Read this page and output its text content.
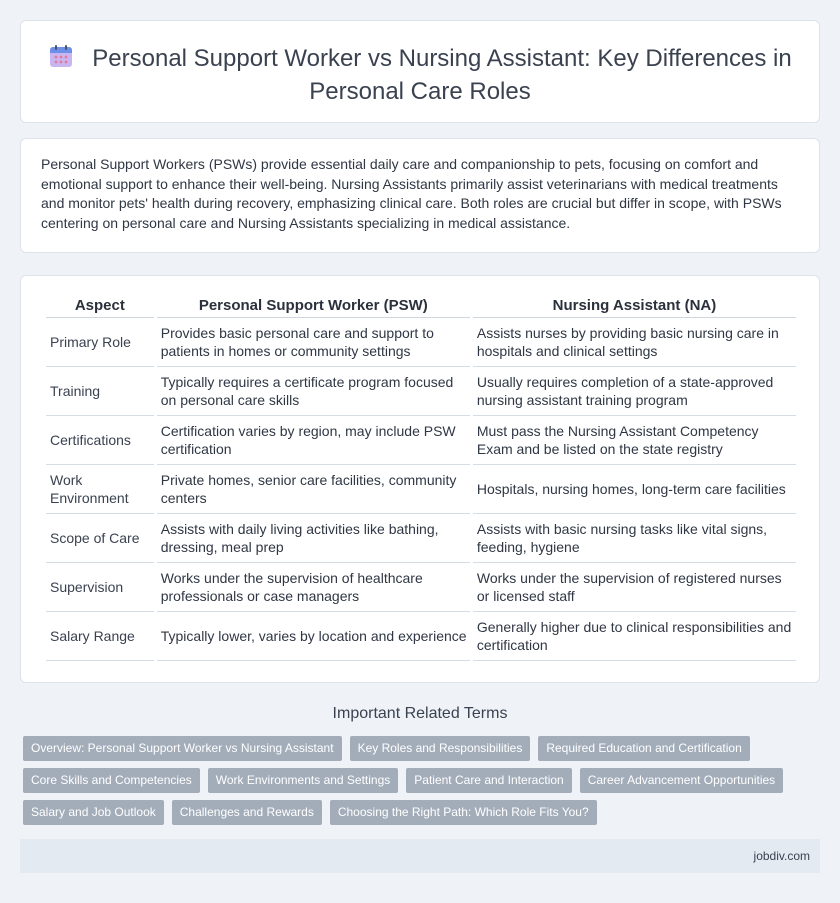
Personal Support Worker vs Nursing Assistant: Key Differences in Personal Care Roles

Personal Support Workers (PSWs) provide essential daily care and companionship to pets, focusing on comfort and emotional support to enhance their well-being. Nursing Assistants primarily assist veterinarians with medical treatments and monitor pets' health during recovery, emphasizing clinical care. Both roles are crucial but differ in scope, with PSWs centering on personal care and Nursing Assistants specializing in medical assistance.

Aspect	Personal Support Worker (PSW)	Nursing Assistant (NA)
Primary Role	Provides basic personal care and support to patients in homes or community settings	Assists nurses by providing basic nursing care in hospitals and clinical settings
Training	Typically requires a certificate program focused on personal care skills	Usually requires completion of a state-approved nursing assistant training program
Certifications	Certification varies by region, may include PSW certification	Must pass the Nursing Assistant Competency Exam and be listed on the state registry
Work Environment	Private homes, senior care facilities, community centers	Hospitals, nursing homes, long-term care facilities
Scope of Care	Assists with daily living activities like bathing, dressing, meal prep	Assists with basic nursing tasks like vital signs, feeding, hygiene
Supervision	Works under the supervision of healthcare professionals or case managers	Works under the supervision of registered nurses or licensed staff
Salary Range	Typically lower, varies by location and experience	Generally higher due to clinical responsibilities and certification
Important Related Terms
Overview: Personal Support Worker vs Nursing Assistant	Key Roles and Responsibilities	Required Education and Certification
Core Skills and Competencies	Work Environments and Settings	Patient Care and Interaction	Career Advancement Opportunities
Salary and Job Outlook	Challenges and Rewards	Choosing the Right Path: Which Role Fits You?
jobdiv.com
